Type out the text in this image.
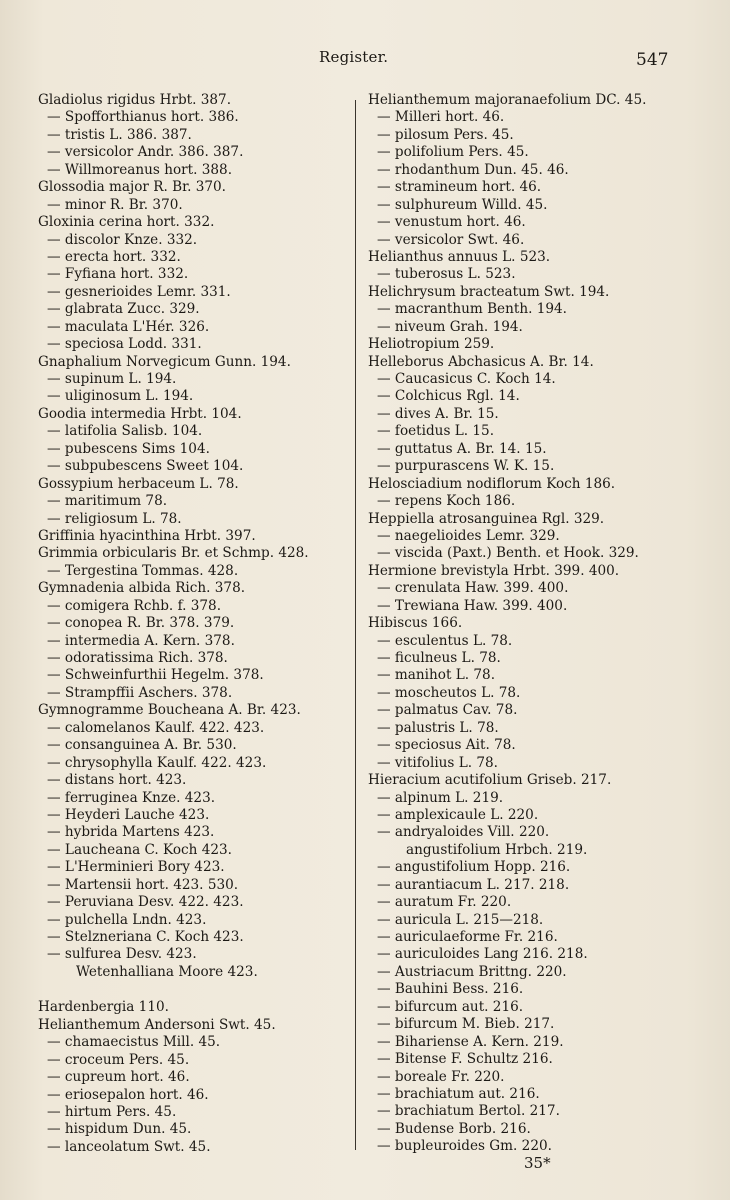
Register.	547
Gladiolus rigidus Hrbt. 387.
— Spofforthianus hort. 386.
— tristis L. 386. 387.
— versicolor Andr. 386. 387.
— Willmoreanus hort. 388.
Glossodia major R. Br. 370.
— minor R. Br. 370.
Gloxinia cerina hort. 332.
— discolor Knze. 332.
— erecta hort. 332.
— Fyfiana hort. 332.
— gesnerioides Lemr. 331.
— glabrata Zucc. 329.
— maculata L'Hér. 326.
— speciosa Lodd. 331.
Gnaphalium Norvegicum Gunn. 194.
— supinum L. 194.
— uliginosum L. 194.
Goodia intermedia Hrbt. 104.
— latifolia Salisb. 104.
— pubescens Sims 104.
— subpubescens Sweet 104.
Gossypium herbaceum L. 78.
— maritimum 78.
— religiosum L. 78.
Griffinia hyacinthina Hrbt. 397.
Grimmia orbicularis Br. et Schmp. 428.
— Tergestina Tommas. 428.
Gymnadenia albida Rich. 378.
— comigera Rchb. f. 378.
— conopea R. Br. 378. 379.
— intermedia A. Kern. 378.
— odoratissima Rich. 378.
— Schweinfurthii Hegelm. 378.
— Strampffii Aschers. 378.
Gymnogramme Boucheana A. Br. 423.
— calomelanos Kaulf. 422. 423.
— consanguinea A. Br. 530.
— chrysophylla Kaulf. 422. 423.
— distans hort. 423.
— ferruginea Knze. 423.
— Heyderi Lauche 423.
— hybrida Martens 423.
— Laucheana C. Koch 423.
— L'Herminieri Bory 423.
— Martensii hort. 423. 530.
— Peruviana Desv. 422. 423.
— pulchella Lndn. 423.
— Stelzneriana C. Koch 423.
— sulfurea Desv. 423.
Wetenhalliana Moore 423.
Hardenbergia 110.
Helianthemum Andersoni Swt. 45.
— chamaecistus Mill. 45.
— croceum Pers. 45.
— cupreum hort. 46.
— eriosepalon hort. 46.
— hirtum Pers. 45.
— hispidum Dun. 45.
— lanceolatum Swt. 45.
Helianthemum majoranaefolium DC. 45.
— Milleri hort. 46.
— pilosum Pers. 45.
— polifolium Pers. 45.
— rhodanthum Dun. 45. 46.
— stramineum hort. 46.
— sulphureum Willd. 45.
— venustum hort. 46.
— versicolor Swt. 46.
Helianthus annuus L. 523.
— tuberosus L. 523.
Helichrysum bracteatum Swt. 194.
— macranthum Benth. 194.
— niveum Grah. 194.
Heliotropium 259.
Helleborus Abchasicus A. Br. 14.
— Caucasicus C. Koch 14.
— Colchicus Rgl. 14.
— dives A. Br. 15.
— foetidus L. 15.
— guttatus A. Br. 14. 15.
— purpurascens W. K. 15.
Helosciadium nodiflorum Koch 186.
— repens Koch 186.
Heppiella atrosanguinea Rgl. 329.
— naegelioides Lemr. 329.
— viscida (Paxt.) Benth. et Hook. 329.
Hermione brevistyla Hrbt. 399. 400.
— crenulata Haw. 399. 400.
— Trewiana Haw. 399. 400.
Hibiscus 166.
— esculentus L. 78.
— ficulneus L. 78.
— manihot L. 78.
— moscheutos L. 78.
— palmatus Cav. 78.
— palustris L. 78.
— speciosus Ait. 78.
— vitifolius L. 78.
Hieracium acutifolium Griseb. 217.
— alpinum L. 219.
— amplexicaule L. 220.
— andryaloides Vill. 220.
angustifolium Hrbch. 219.
— angustifolium Hopp. 216.
— aurantiacum L. 217. 218.
— auratum Fr. 220.
— auricula L. 215—218.
— auriculaeforme Fr. 216.
— auriculoides Lang 216. 218.
— Austriacum Brittng. 220.
— Bauhini Bess. 216.
— bifurcum aut. 216.
— bifurcum M. Bieb. 217.
— Bihariense A. Kern. 219.
— Bitense F. Schultz 216.
— boreale Fr. 220.
— brachiatum aut. 216.
— brachiatum Bertol. 217.
— Budense Borb. 216.
— bupleuroides Gm. 220.
35*
